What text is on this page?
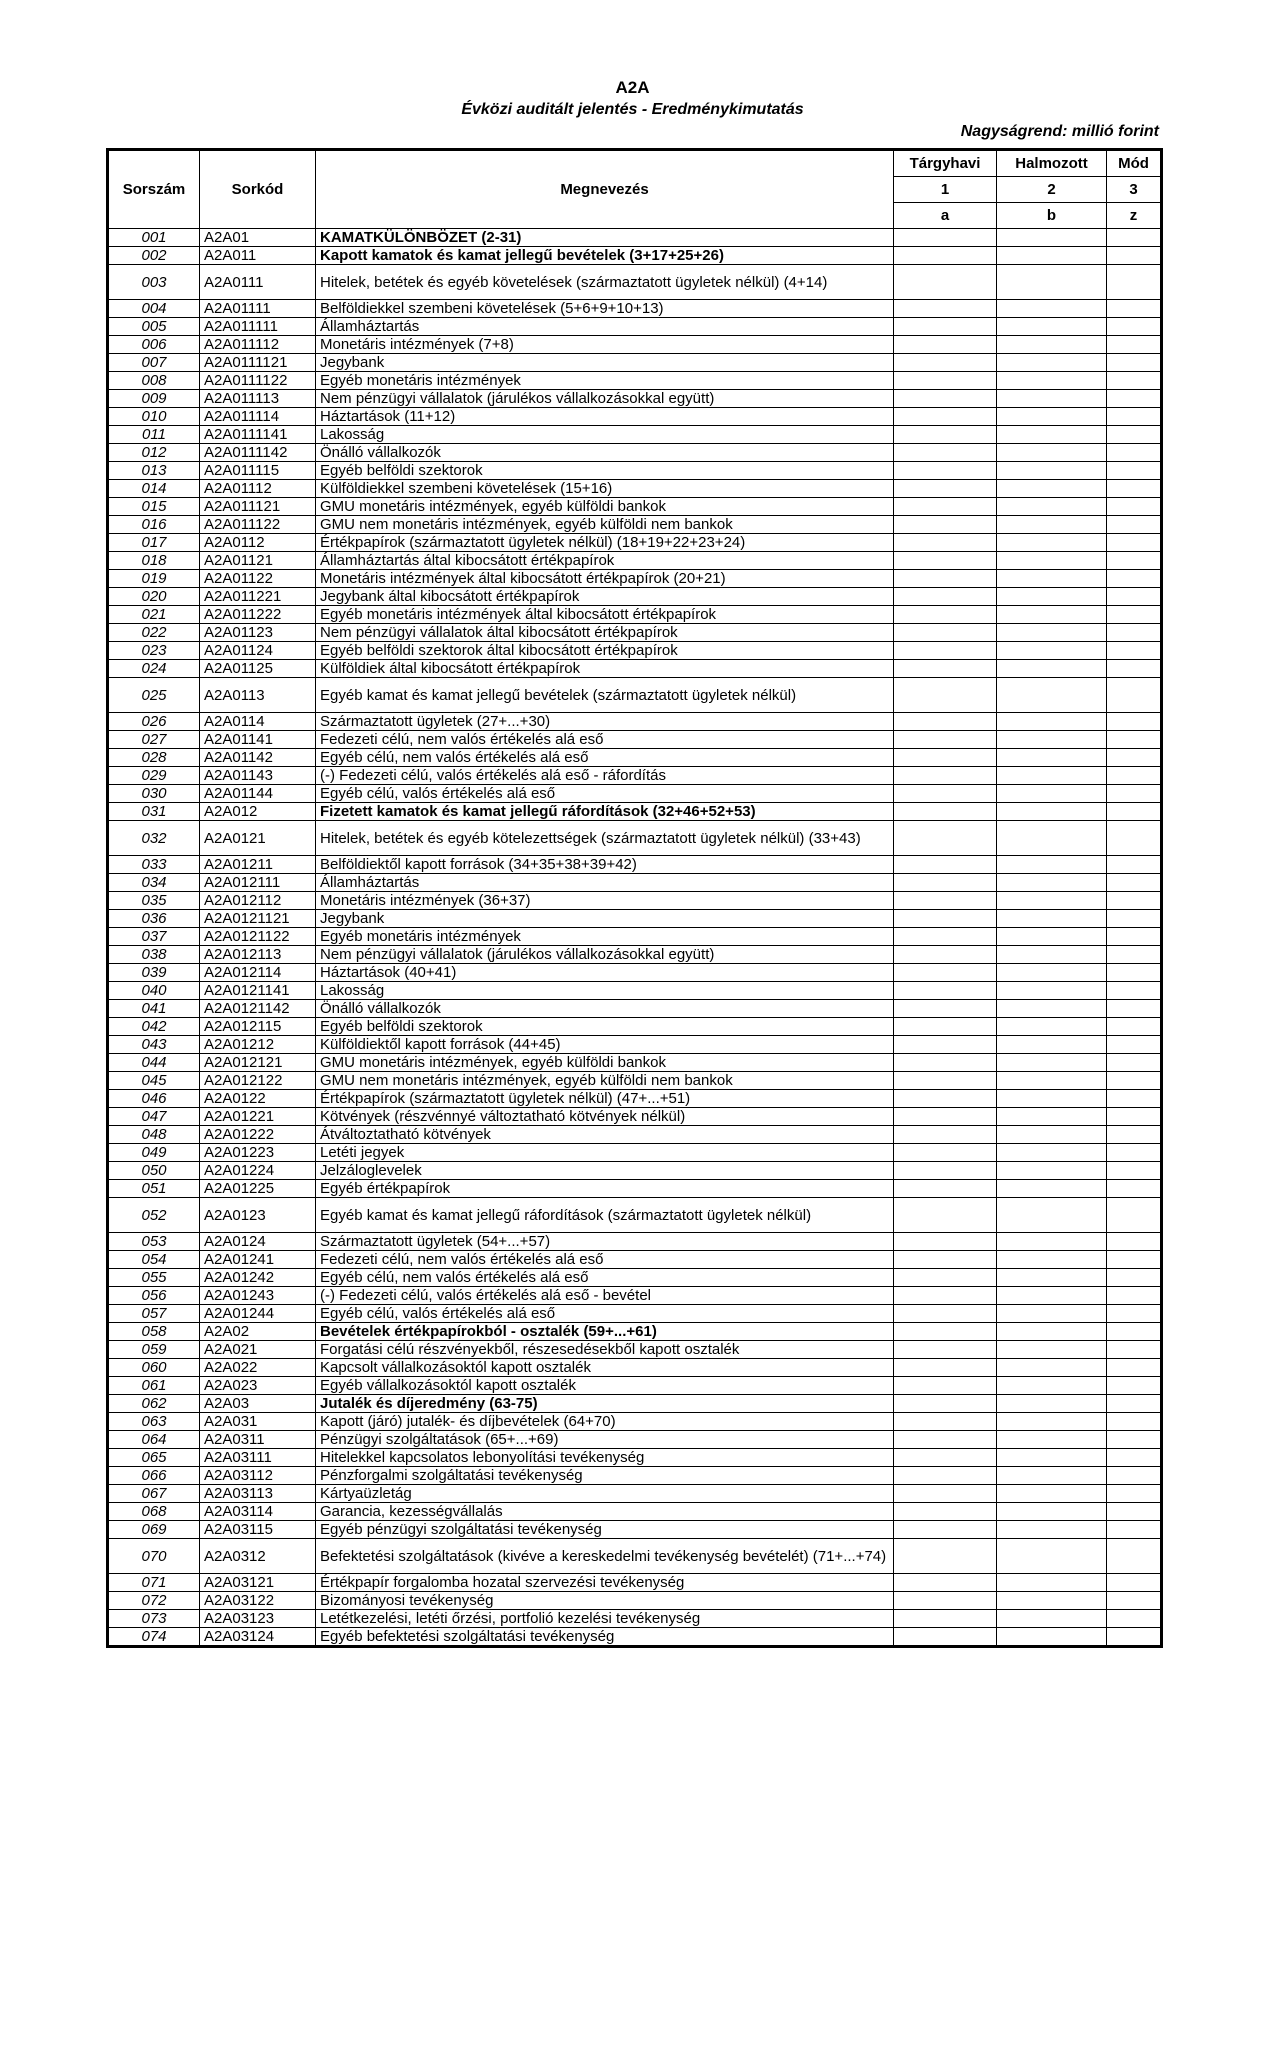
A2A
Évközi auditált jelentés - Eredménykimutatás
Nagyságrend: millió forint
Sorszám	Sorkód	Megnevezés	Tárgyhavi	Halmozott	Mód
			1	2	3
			a	b	z
001	A2A01	KAMATKÜLÖNBÖZET (2-31)			
002	A2A011	Kapott kamatok és kamat jellegű bevételek (3+17+25+26)			
003	A2A0111	Hitelek, betétek és egyéb követelések (származtatott ügyletek nélkül) (4+14)			
004	A2A01111	Belföldiekkel szembeni követelések (5+6+9+10+13)			
005	A2A011111	Államháztartás			
006	A2A011112	Monetáris intézmények (7+8)			
007	A2A0111121	Jegybank			
008	A2A0111122	Egyéb monetáris intézmények			
009	A2A011113	Nem pénzügyi vállalatok (járulékos vállalkozásokkal együtt)			
010	A2A011114	Háztartások (11+12)			
011	A2A0111141	Lakosság			
012	A2A0111142	Önálló vállalkozók			
013	A2A011115	Egyéb belföldi szektorok			
014	A2A01112	Külföldiekkel szembeni követelések (15+16)			
015	A2A011121	GMU monetáris intézmények, egyéb külföldi bankok			
016	A2A011122	GMU nem monetáris intézmények, egyéb külföldi nem bankok			
017	A2A0112	Értékpapírok (származtatott ügyletek nélkül) (18+19+22+23+24)			
018	A2A01121	Államháztartás által kibocsátott értékpapírok			
019	A2A01122	Monetáris intézmények által kibocsátott értékpapírok (20+21)			
020	A2A011221	Jegybank által kibocsátott értékpapírok			
021	A2A011222	Egyéb monetáris intézmények által kibocsátott értékpapírok			
022	A2A01123	Nem pénzügyi vállalatok által kibocsátott értékpapírok			
023	A2A01124	Egyéb belföldi szektorok által kibocsátott értékpapírok			
024	A2A01125	Külföldiek által kibocsátott értékpapírok			
025	A2A0113	Egyéb kamat és kamat jellegű bevételek (származtatott ügyletek nélkül)			
026	A2A0114	Származtatott ügyletek (27+...+30)			
027	A2A01141	Fedezeti célú, nem valós értékelés alá eső			
028	A2A01142	Egyéb célú, nem valós értékelés alá eső			
029	A2A01143	(-) Fedezeti célú, valós értékelés alá eső - ráfordítás			
030	A2A01144	Egyéb célú, valós értékelés alá eső			
031	A2A012	Fizetett kamatok és kamat jellegű ráfordítások (32+46+52+53)			
032	A2A0121	Hitelek, betétek és egyéb kötelezettségek (származtatott ügyletek nélkül) (33+43)			
033	A2A01211	Belföldiektől kapott források (34+35+38+39+42)			
034	A2A012111	Államháztartás			
035	A2A012112	Monetáris intézmények (36+37)			
036	A2A0121121	Jegybank			
037	A2A0121122	Egyéb monetáris intézmények			
038	A2A012113	Nem pénzügyi vállalatok (járulékos vállalkozásokkal együtt)			
039	A2A012114	Háztartások (40+41)			
040	A2A0121141	Lakosság			
041	A2A0121142	Önálló vállalkozók			
042	A2A012115	Egyéb belföldi szektorok			
043	A2A01212	Külföldiektől kapott források (44+45)			
044	A2A012121	GMU monetáris intézmények, egyéb külföldi bankok			
045	A2A012122	GMU nem monetáris intézmények, egyéb külföldi nem bankok			
046	A2A0122	Értékpapírok (származtatott ügyletek nélkül) (47+...+51)			
047	A2A01221	Kötvények (részvénnyé változtatható kötvények nélkül)			
048	A2A01222	Átváltoztatható kötvények			
049	A2A01223	Letéti jegyek			
050	A2A01224	Jelzáloglevelek			
051	A2A01225	Egyéb értékpapírok			
052	A2A0123	Egyéb kamat és kamat jellegű ráfordítások (származtatott ügyletek nélkül)			
053	A2A0124	Származtatott ügyletek (54+...+57)			
054	A2A01241	Fedezeti célú, nem valós értékelés alá eső			
055	A2A01242	Egyéb célú, nem valós értékelés alá eső			
056	A2A01243	(-) Fedezeti célú, valós értékelés alá eső - bevétel			
057	A2A01244	Egyéb célú, valós értékelés alá eső			
058	A2A02	Bevételek értékpapírokból - osztalék (59+...+61)			
059	A2A021	Forgatási célú részvényekből, részesedésekből kapott osztalék			
060	A2A022	Kapcsolt vállalkozásoktól kapott osztalék			
061	A2A023	Egyéb vállalkozásoktól kapott osztalék			
062	A2A03	Jutalék és díjeredmény (63-75)			
063	A2A031	Kapott (járó) jutalék- és díjbevételek (64+70)			
064	A2A0311	Pénzügyi szolgáltatások (65+...+69)			
065	A2A03111	Hitelekkel kapcsolatos lebonyolítási tevékenység			
066	A2A03112	Pénzforgalmi szolgáltatási tevékenység			
067	A2A03113	Kártyaüzletág			
068	A2A03114	Garancia, kezességvállalás			
069	A2A03115	Egyéb pénzügyi szolgáltatási tevékenység			
070	A2A0312	Befektetési szolgáltatások (kivéve a kereskedelmi tevékenység bevételét) (71+...+74)			
071	A2A03121	Értékpapír forgalomba hozatal szervezési tevékenység			
072	A2A03122	Bizományosi tevékenység			
073	A2A03123	Letétkezelési, letéti őrzési, portfolió kezelési tevékenység			
074	A2A03124	Egyéb befektetési szolgáltatási tevékenység			
